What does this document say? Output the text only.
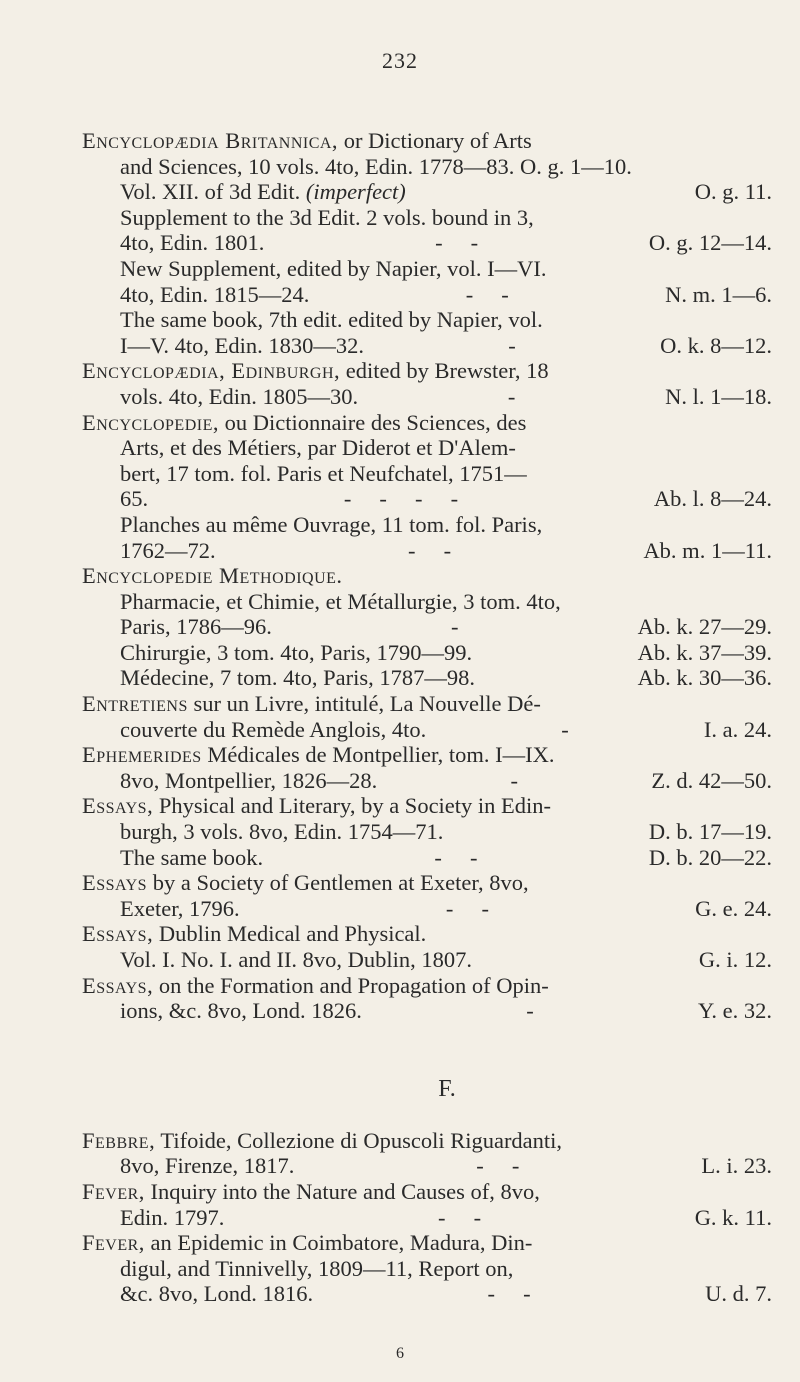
232
Encyclopædia Britannica, or Dictionary of Arts
and Sciences, 10 vols. 4to, Edin. 1778—83. O. g. 1—10.
Vol. XII. of 3d Edit. (imperfect)	O. g. 11.
Supplement to the 3d Edit. 2 vols. bound in 3,
4to, Edin. 1801.	-     -	O. g. 12—14.
New Supplement, edited by Napier, vol. I—VI.
4to, Edin. 1815—24.	-     -	N. m. 1—6.
The same book, 7th edit. edited by Napier, vol.
I—V. 4to, Edin. 1830—32.	-	O. k. 8—12.
Encyclopædia, Edinburgh, edited by Brewster, 18
vols. 4to, Edin. 1805—30.	-	N. l. 1—18.
Encyclopedie, ou Dictionnaire des Sciences, des
Arts, et des Métiers, par Diderot et D'Alem-
bert, 17 tom. fol. Paris et Neufchatel, 1751—
65.	-     -     -     -	Ab. l. 8—24.
Planches au même Ouvrage, 11 tom. fol. Paris,
1762—72.	-     -	Ab. m. 1—11.
Encyclopedie Methodique.
Pharmacie, et Chimie, et Métallurgie, 3 tom. 4to,
Paris, 1786—96.	-	Ab. k. 27—29.
Chirurgie, 3 tom. 4to, Paris, 1790—99.	Ab. k. 37—39.
Médecine, 7 tom. 4to, Paris, 1787—98.	Ab. k. 30—36.
Entretiens sur un Livre, intitulé, La Nouvelle Dé-
couverte du Remède Anglois, 4to.	-	I. a. 24.
Ephemerides Médicales de Montpellier, tom. I—IX.
8vo, Montpellier, 1826—28.	-	Z. d. 42—50.
Essays, Physical and Literary, by a Society in Edin-
burgh, 3 vols. 8vo, Edin. 1754—71.	D. b. 17—19.
The same book.	-     -	D. b. 20—22.
Essays by a Society of Gentlemen at Exeter, 8vo,
Exeter, 1796.	-     -	G. e. 24.
Essays, Dublin Medical and Physical.
Vol. I. No. I. and II. 8vo, Dublin, 1807.	G. i. 12.
Essays, on the Formation and Propagation of Opin-
ions, &c. 8vo, Lond. 1826.	-	Y. e. 32.
F.
Febbre, Tifoide, Collezione di Opuscoli Riguardanti,
8vo, Firenze, 1817.	-     -	L. i. 23.
Fever, Inquiry into the Nature and Causes of, 8vo,
Edin. 1797.	-     -	G. k. 11.
Fever, an Epidemic in Coimbatore, Madura, Din-
digul, and Tinnivelly, 1809—11, Report on,
&c. 8vo, Lond. 1816.	-     -	U. d. 7.
6
